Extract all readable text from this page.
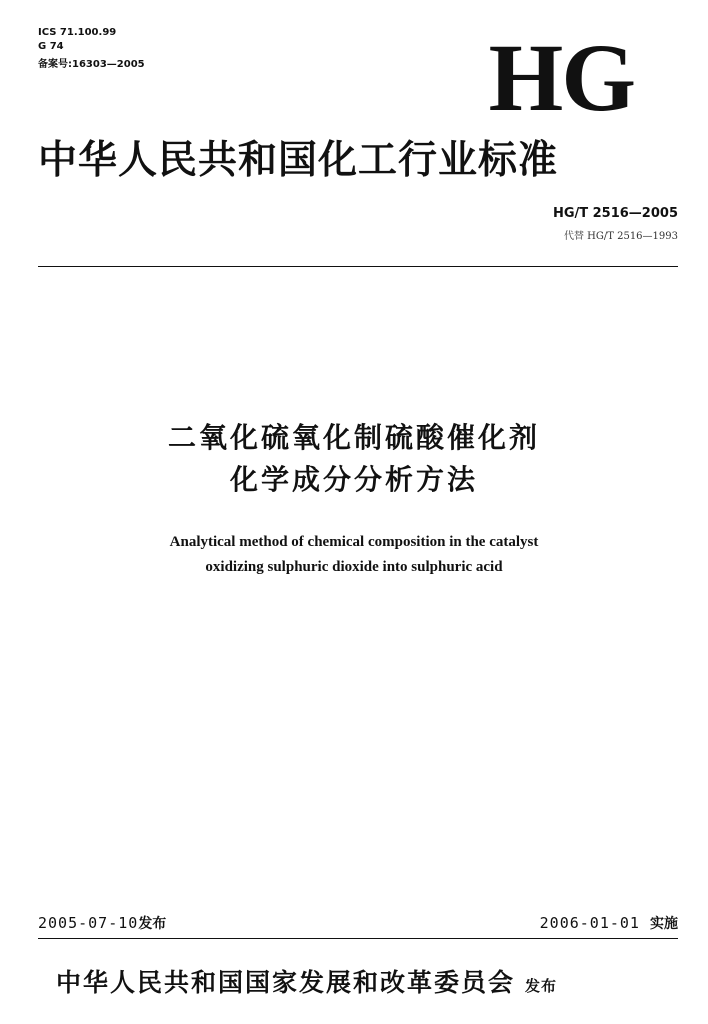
ICS 71.100.99
G 74
备案号:16303—2005	HG
中华人民共和国化工行业标准
HG/T 2516—2005
代替 HG/T 2516—1993
二氧化硫氧化制硫酸催化剂
化学成分分析方法
Analytical method of chemical composition in the catalyst
oxidizing sulphuric dioxide into sulphuric acid
2005-07-10发布	2006-01-01 实施
中华人民共和国国家发展和改革委员会 发布
